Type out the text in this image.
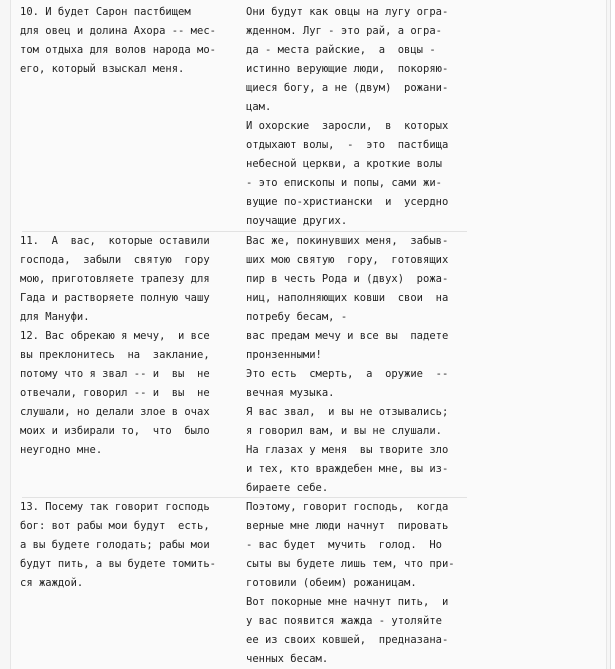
10. И будет Сарон пастбищем
для овец и долина Ахора -- мес-
том отдыха для волов народа мо-
его, который взыскал меня.
Они будут как овцы на лугу огра-
жденном. Луг - это рай, а огра-
да - места райские,  а  овцы -
истинно верующие люди,  покоряю-
щиеся богу, а не (двум)  рожани-
цам.
И охорские  заросли,  в  которых
отдыхают волы,  -  это  пастбища
небесной церкви, а кроткие волы
- это епископы и попы, сами жи-
вущие по-христиански  и  усердно
поучащие других.
11.  А  вас,  которые оставили
господа,  забыли  святую  гору
мою, приготовляете трапезу для
Гада и растворяете полную чашу
для Мануфи.
12. Вас обрекаю я мечу,  и все
вы преклонитесь  на  заклание,
потому что я звал -- и  вы  не
отвечали, говорил -- и  вы  не
слушали, но делали злое в очах
моих и избирали то,  что  было
неугодно мне.
Вас же, покинувших меня,  забыв-
ших мою святую  гору,  готовящих
пир в честь Рода и (двух)  рожа-
ниц, наполняющих ковши  свои  на
потребу бесам, -
вас предам мечу и все вы  падете
пронзенными!
Это есть  смерть,  а  оружие  --
вечная музыка.
Я вас звал,  и вы не отзывались;
я говорил вам, и вы не слушали.
На глазах у меня  вы творите зло
и тех, кто враждебен мне, вы из-
бираете себе.
13. Посему так говорит господь
бог: вот рабы мои будут  есть,
а вы будете голодать; рабы мои
будут пить, а вы будете томить-
ся жаждой.
Поэтому, говорит господь,  когда
верные мне люди начнут  пировать
- вас будет  мучить  голод.  Но
сыты вы будете лишь тем, что при-
готовили (обеим) рожаницам.
Вот покорные мне начнут пить,  и
у вас появится жажда - утоляйте
ее из своих ковшей,  предназана-
ченных бесам.
